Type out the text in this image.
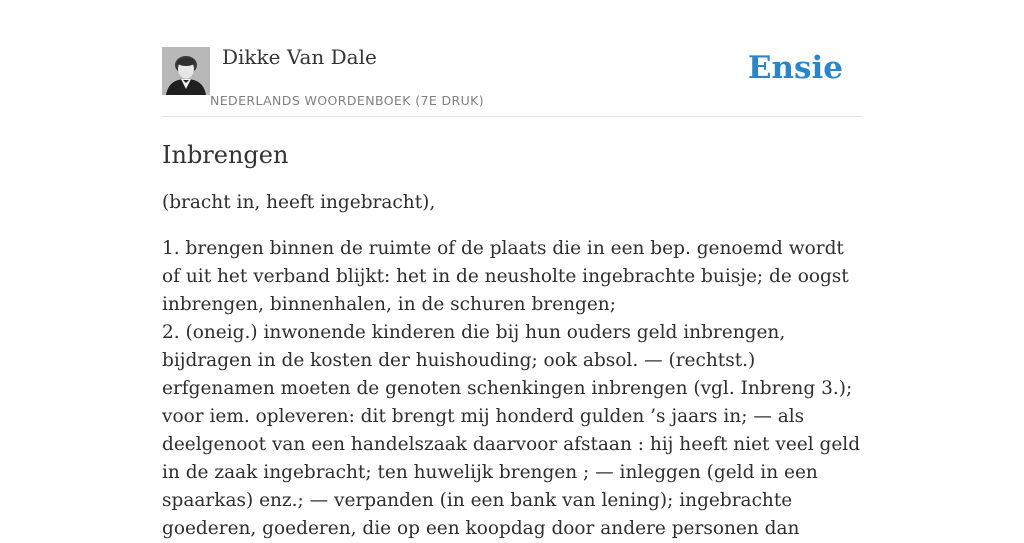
Dikke Van Dale
NEDERLANDS WOORDENBOEK (7E DRUK)
Ensie
Inbrengen

(bracht in, heeft ingebracht),

1. brengen binnen de ruimte of de plaats die in een bep. genoemd wordt of uit het verband blijkt: het in de neusholte ingebrachte buisje; de oogst inbrengen, binnenhalen, in de schuren brengen;
2. (oneig.) inwonende kinderen die bij hun ouders geld inbrengen, bijdragen in de kosten der huishouding; ook absol. — (rechtst.) erfgenamen moeten de genoten schenkingen inbrengen (vgl. Inbreng 3.); voor iem. opleveren: dit brengt mij honderd gulden ’s jaars in; — als deelgenoot van een handelszaak daarvoor afstaan : hij heeft niet veel geld in de zaak ingebracht; ten huwelijk brengen ; — inleggen (geld in een spaarkas) enz.; — verpanden (in een bank van lening); ingebrachte goederen, goederen, die op een koopdag door andere personen dan
